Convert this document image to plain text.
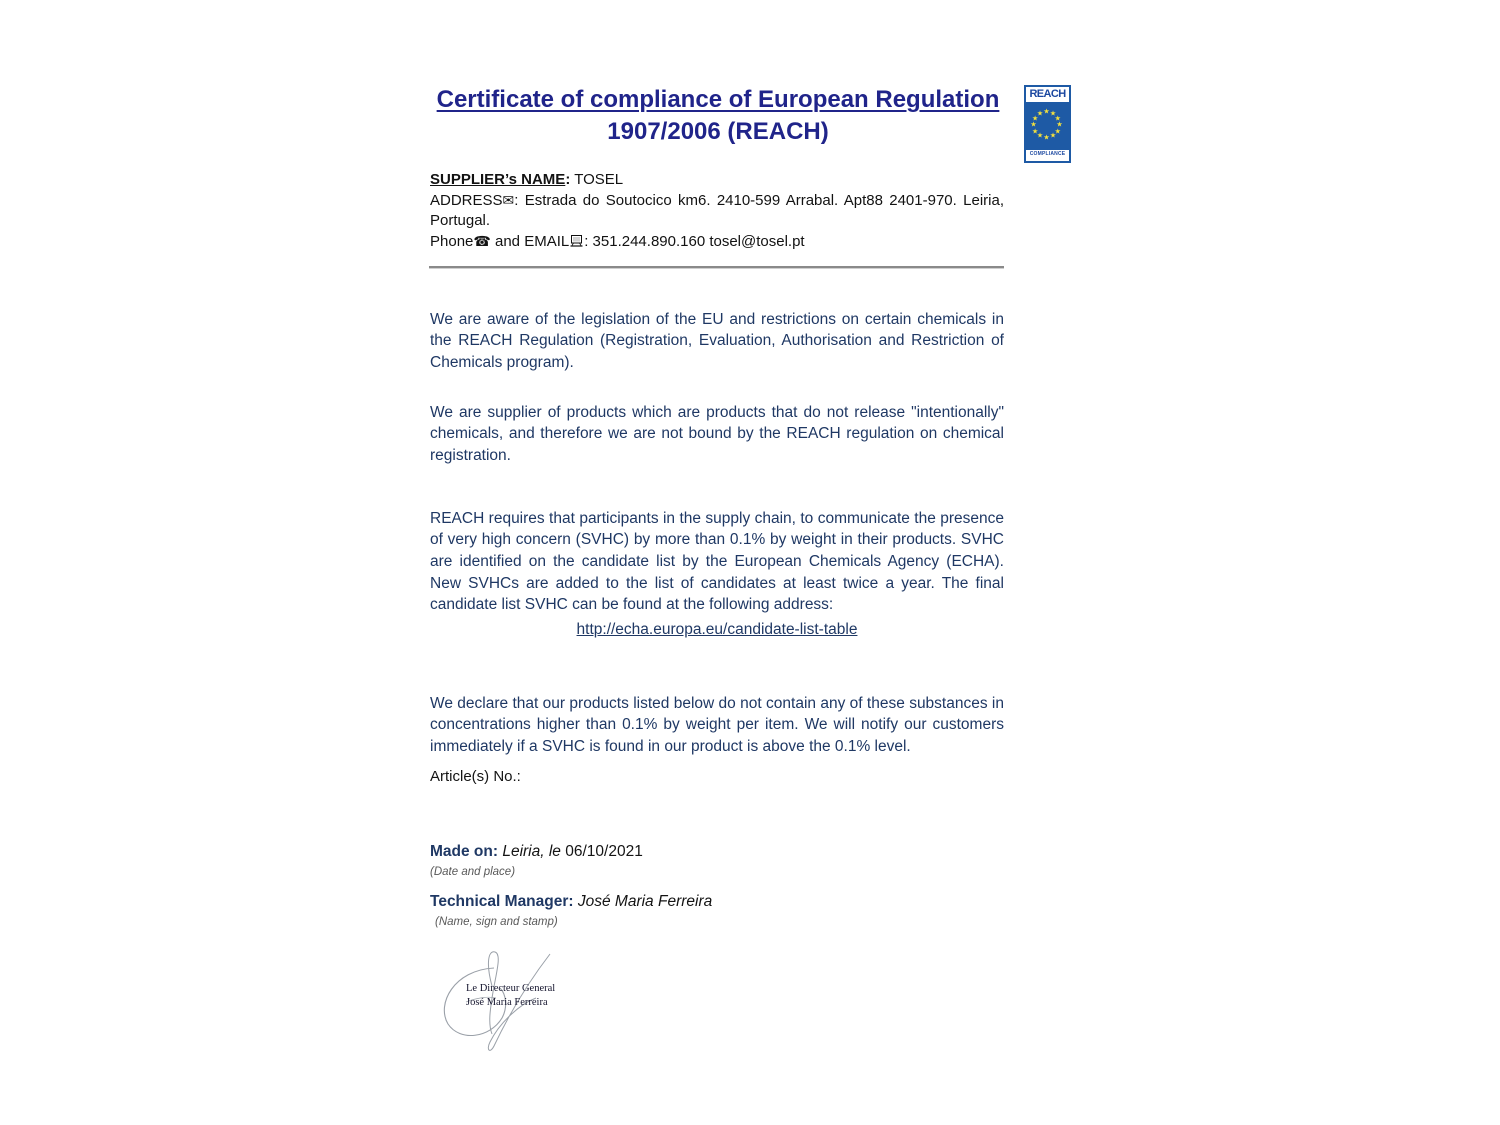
Certificate of compliance of European Regulation
1907/2006 (REACH)
REACH
★ ★
★
★
★
★
★
★
★
★
★
★
COMPLIANCE
SUPPLIER’s NAME: TOSEL
ADDRESS✉: Estrada do Soutocico km6. 2410-599 Arrabal. Apt88 2401-970. Leiria, Portugal.
Phone☎ and EMAIL : 351.244.890.160 tosel@tosel.pt

We are aware of the legislation of the EU and restrictions on certain chemicals in the REACH Regulation (Registration, Evaluation, Authorisation and Restriction of Chemicals program).

We are supplier of products which are products that do not release "intentionally" chemicals, and therefore we are not bound by the REACH regulation on chemical registration.

REACH requires that participants in the supply chain, to communicate the presence of very high concern (SVHC) by more than 0.1% by weight in their products. SVHC are identified on the candidate list by the European Chemicals Agency (ECHA). New SVHCs are added to the list of candidates at least twice a year. The final candidate list SVHC can be found at the following address:

http://echa.europa.eu/candidate-list-table

We declare that our products listed below do not contain any of these substances in concentrations higher than 0.1% by weight per item. We will notify our customers immediately if a SVHC is found in our product is above the 0.1% level.

Article(s) No.:
Made on: Leiria, le 06/10/2021
(Date and place)
Technical Manager: José Maria Ferreira
(Name, sign and stamp)
Le Directeur General
José Maria Ferreira
